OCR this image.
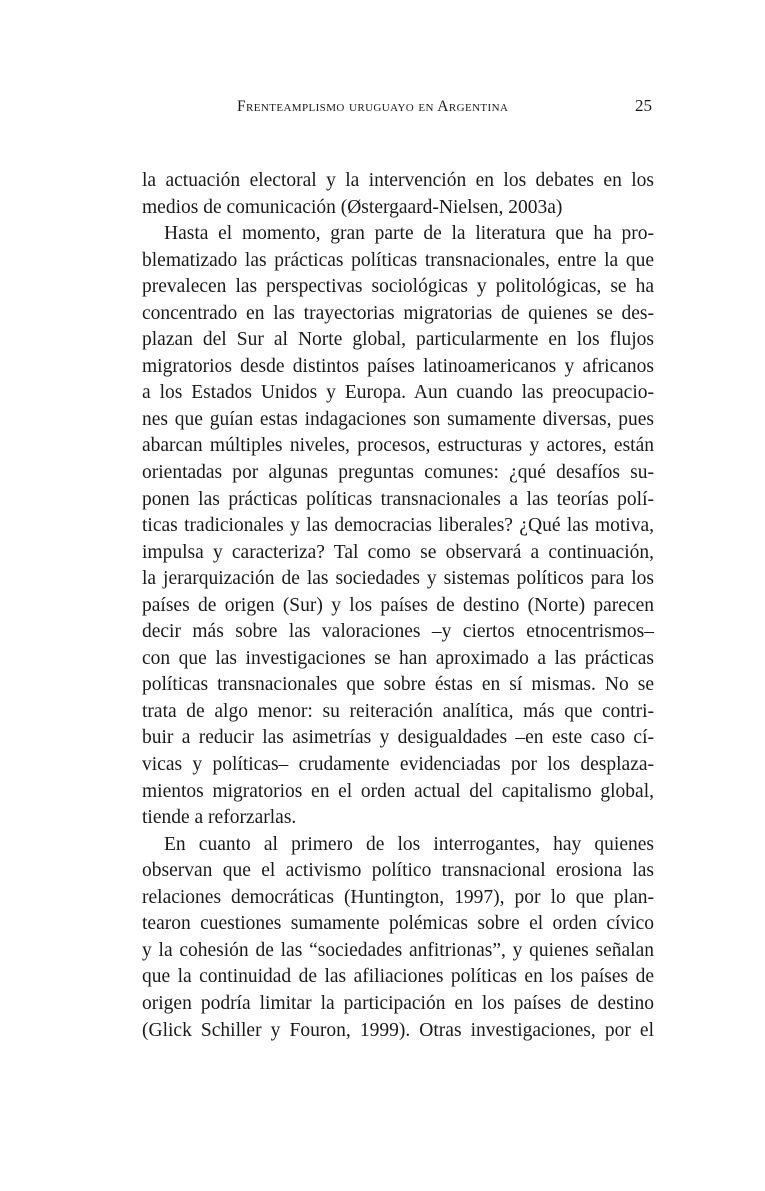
Frenteamplismo uruguayo en Argentina	25
la actuación electoral y la intervención en los debates en los
medios de comunicación (Østergaard-Nielsen, 2003a)
Hasta el momento, gran parte de la literatura que ha pro-
blematizado las prácticas políticas transnacionales, entre la que
prevalecen las perspectivas sociológicas y politológicas, se ha
concentrado en las trayectorias migratorias de quienes se des-
plazan del Sur al Norte global, particularmente en los flujos
migratorios desde distintos países latinoamericanos y africanos
a los Estados Unidos y Europa. Aun cuando las preocupacio-
nes que guían estas indagaciones son sumamente diversas, pues
abarcan múltiples niveles, procesos, estructuras y actores, están
orientadas por algunas preguntas comunes: ¿qué desafíos su-
ponen las prácticas políticas transnacionales a las teorías polí-
ticas tradicionales y las democracias liberales? ¿Qué las motiva,
impulsa y caracteriza? Tal como se observará a continuación,
la jerarquización de las sociedades y sistemas políticos para los
países de origen (Sur) y los países de destino (Norte) parecen
decir más sobre las valoraciones –y ciertos etnocentrismos–
con que las investigaciones se han aproximado a las prácticas
políticas transnacionales que sobre éstas en sí mismas. No se
trata de algo menor: su reiteración analítica, más que contri-
buir a reducir las asimetrías y desigualdades –en este caso cí-
vicas y políticas– crudamente evidenciadas por los desplaza-
mientos migratorios en el orden actual del capitalismo global,
tiende a reforzarlas.
En cuanto al primero de los interrogantes, hay quienes
observan que el activismo político transnacional erosiona las
relaciones democráticas (Huntington, 1997), por lo que plan-
tearon cuestiones sumamente polémicas sobre el orden cívico
y la cohesión de las “sociedades anfitrionas”, y quienes señalan
que la continuidad de las afiliaciones políticas en los países de
origen podría limitar la participación en los países de destino
(Glick Schiller y Fouron, 1999). Otras investigaciones, por el
